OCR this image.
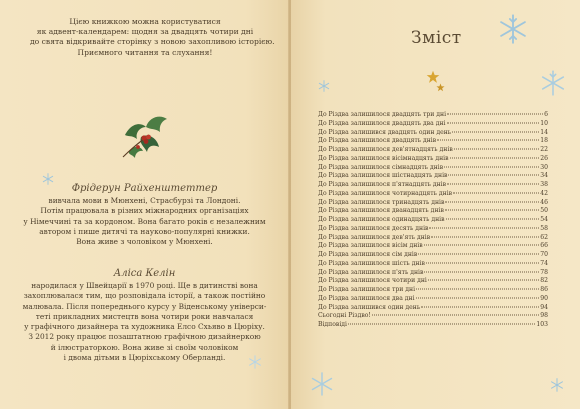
Цією книжкою можна користуватися
як адвент-календарем: щодня за двадцять чотири дні
до свята відкривайте сторінку з новою захопливою історією.
Приємного читання та слухання!
Фрідерун Райхенштеттер
вивчала мови в Мюнхені, Страсбурзі та Лондоні.
Потім працювала в різних міжнародних організаціях
у Німеччині та за кордоном. Вона багато років є незалежним
автором і пише дитячі та науково-популярні книжки.
Вона живе з чоловіком у Мюнхені.
Аліса Келін
народилася у Швейцарії в 1970 році. Ще в дитинстві вона
захоплювалася тим, що розповідала історії, а також постійно
малювала. Після попереднього курсу у Віденському універси-
теті прикладних мистецтв вона чотири роки навчалася
у графічного дизайнера та художника Елсо Схьяво в Цюріху.
З 2012 року працює позаштатною графічною дизайнеркою
й ілюстраторкою. Вона живе зі своїм чоловіком
і двома дітьми в Цюріхському Оберланді.
Зміст
До Різдва залишилося двадцять три дні	6
До Різдва залишилося двадцять два дні	10
До Різдва залишився двадцять один день	14
До Різдва залишилося двадцять днів	18
До Різдва залишилося дев'ятнадцять днів	22
До Різдва залишилося вісімнадцять днів	26
До Різдва залишилося сімнадцять днів	30
До Різдва залишилося шістнадцять днів	34
До Різдва залишилося п'ятнадцять днів	38
До Різдва залишилося чотирнадцять днів	42
До Різдва залишилося тринадцять днів	46
До Різдва залишилося дванадцять днів	50
До Різдва залишилося одинадцять днів	54
До Різдва залишилося десять днів	58
До Різдва залишилося дев'ять днів	62
До Різдва залишилося вісім днів	66
До Різдва залишилося сім днів	70
До Різдва залишилося шість днів	74
До Різдва залишилося п'ять днів	78
До Різдва залишилося чотири дні	82
До Різдва залишилося три дні	86
До Різдва залишилося два дні	90
До Різдва залишився один день	94
Сьогодні Різдво!	98
Відповіді	103
